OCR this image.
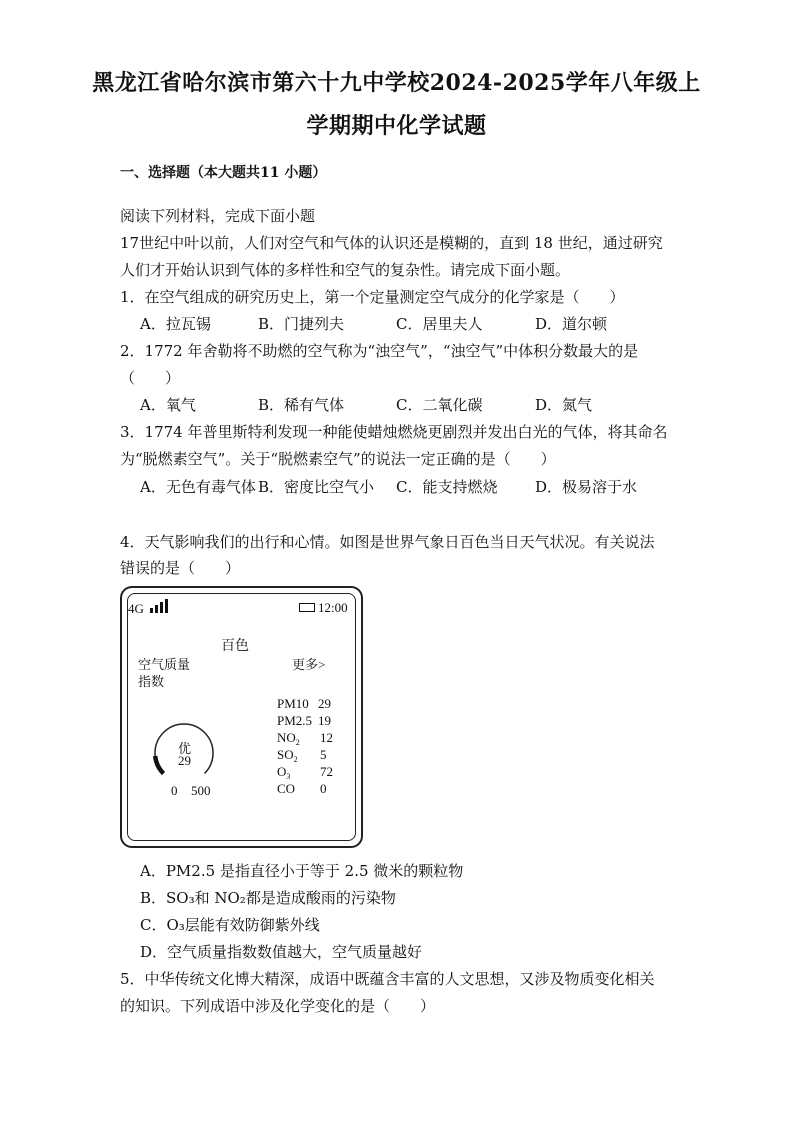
黑龙江省哈尔滨市第六十九中学校2024-2025学年八年级上
学期期中化学试题
一、选择题（本大题共11 小题）
阅读下列材料，完成下面小题
17世纪中叶以前，人们对空气和气体的认识还是模糊的，直到 18 世纪，通过研究
人们才开始认识到气体的多样性和空气的复杂性。请完成下面小题。
1．在空气组成的研究历史上，第一个定量测定空气成分的化学家是（　　）
A．拉瓦锡	B．门捷列夫	C．居里夫人	D．道尔顿
2．1772 年舍勒将不助燃的空气称为“浊空气”，“浊空气”中体积分数最大的是
（　　）
A．氧气	B．稀有气体	C．二氧化碳	D．氮气
3．1774 年普里斯特利发现一种能使蜡烛燃烧更剧烈并发出白光的气体，将其命名
为“脱燃素空气”。关于“脱燃素空气”的说法一定正确的是（　　）
A．无色有毒气体 B．密度比空气小 C．能支持燃烧	D．极易溶于水
4．天气影响我们的出行和心情。如图是世界气象日百色当日天气状况。有关说法
错误的是（　　）
4G	12:00
百色
空气质量
指数
更多>
优
29
0 500
PM10 29
PM2.5 19
$NO_2$ 12
$SO_2$ 5
$O_3$ 72
CO 0
A．PM2.5 是指直径小于等于 2.5 微米的颗粒物
B．SO₃和 NO₂都是造成酸雨的污染物
C．O₃层能有效防御紫外线
D．空气质量指数数值越大，空气质量越好
5．中华传统文化博大精深，成语中既蕴含丰富的人文思想，又涉及物质变化相关
的知识。下列成语中涉及化学变化的是（　　）
